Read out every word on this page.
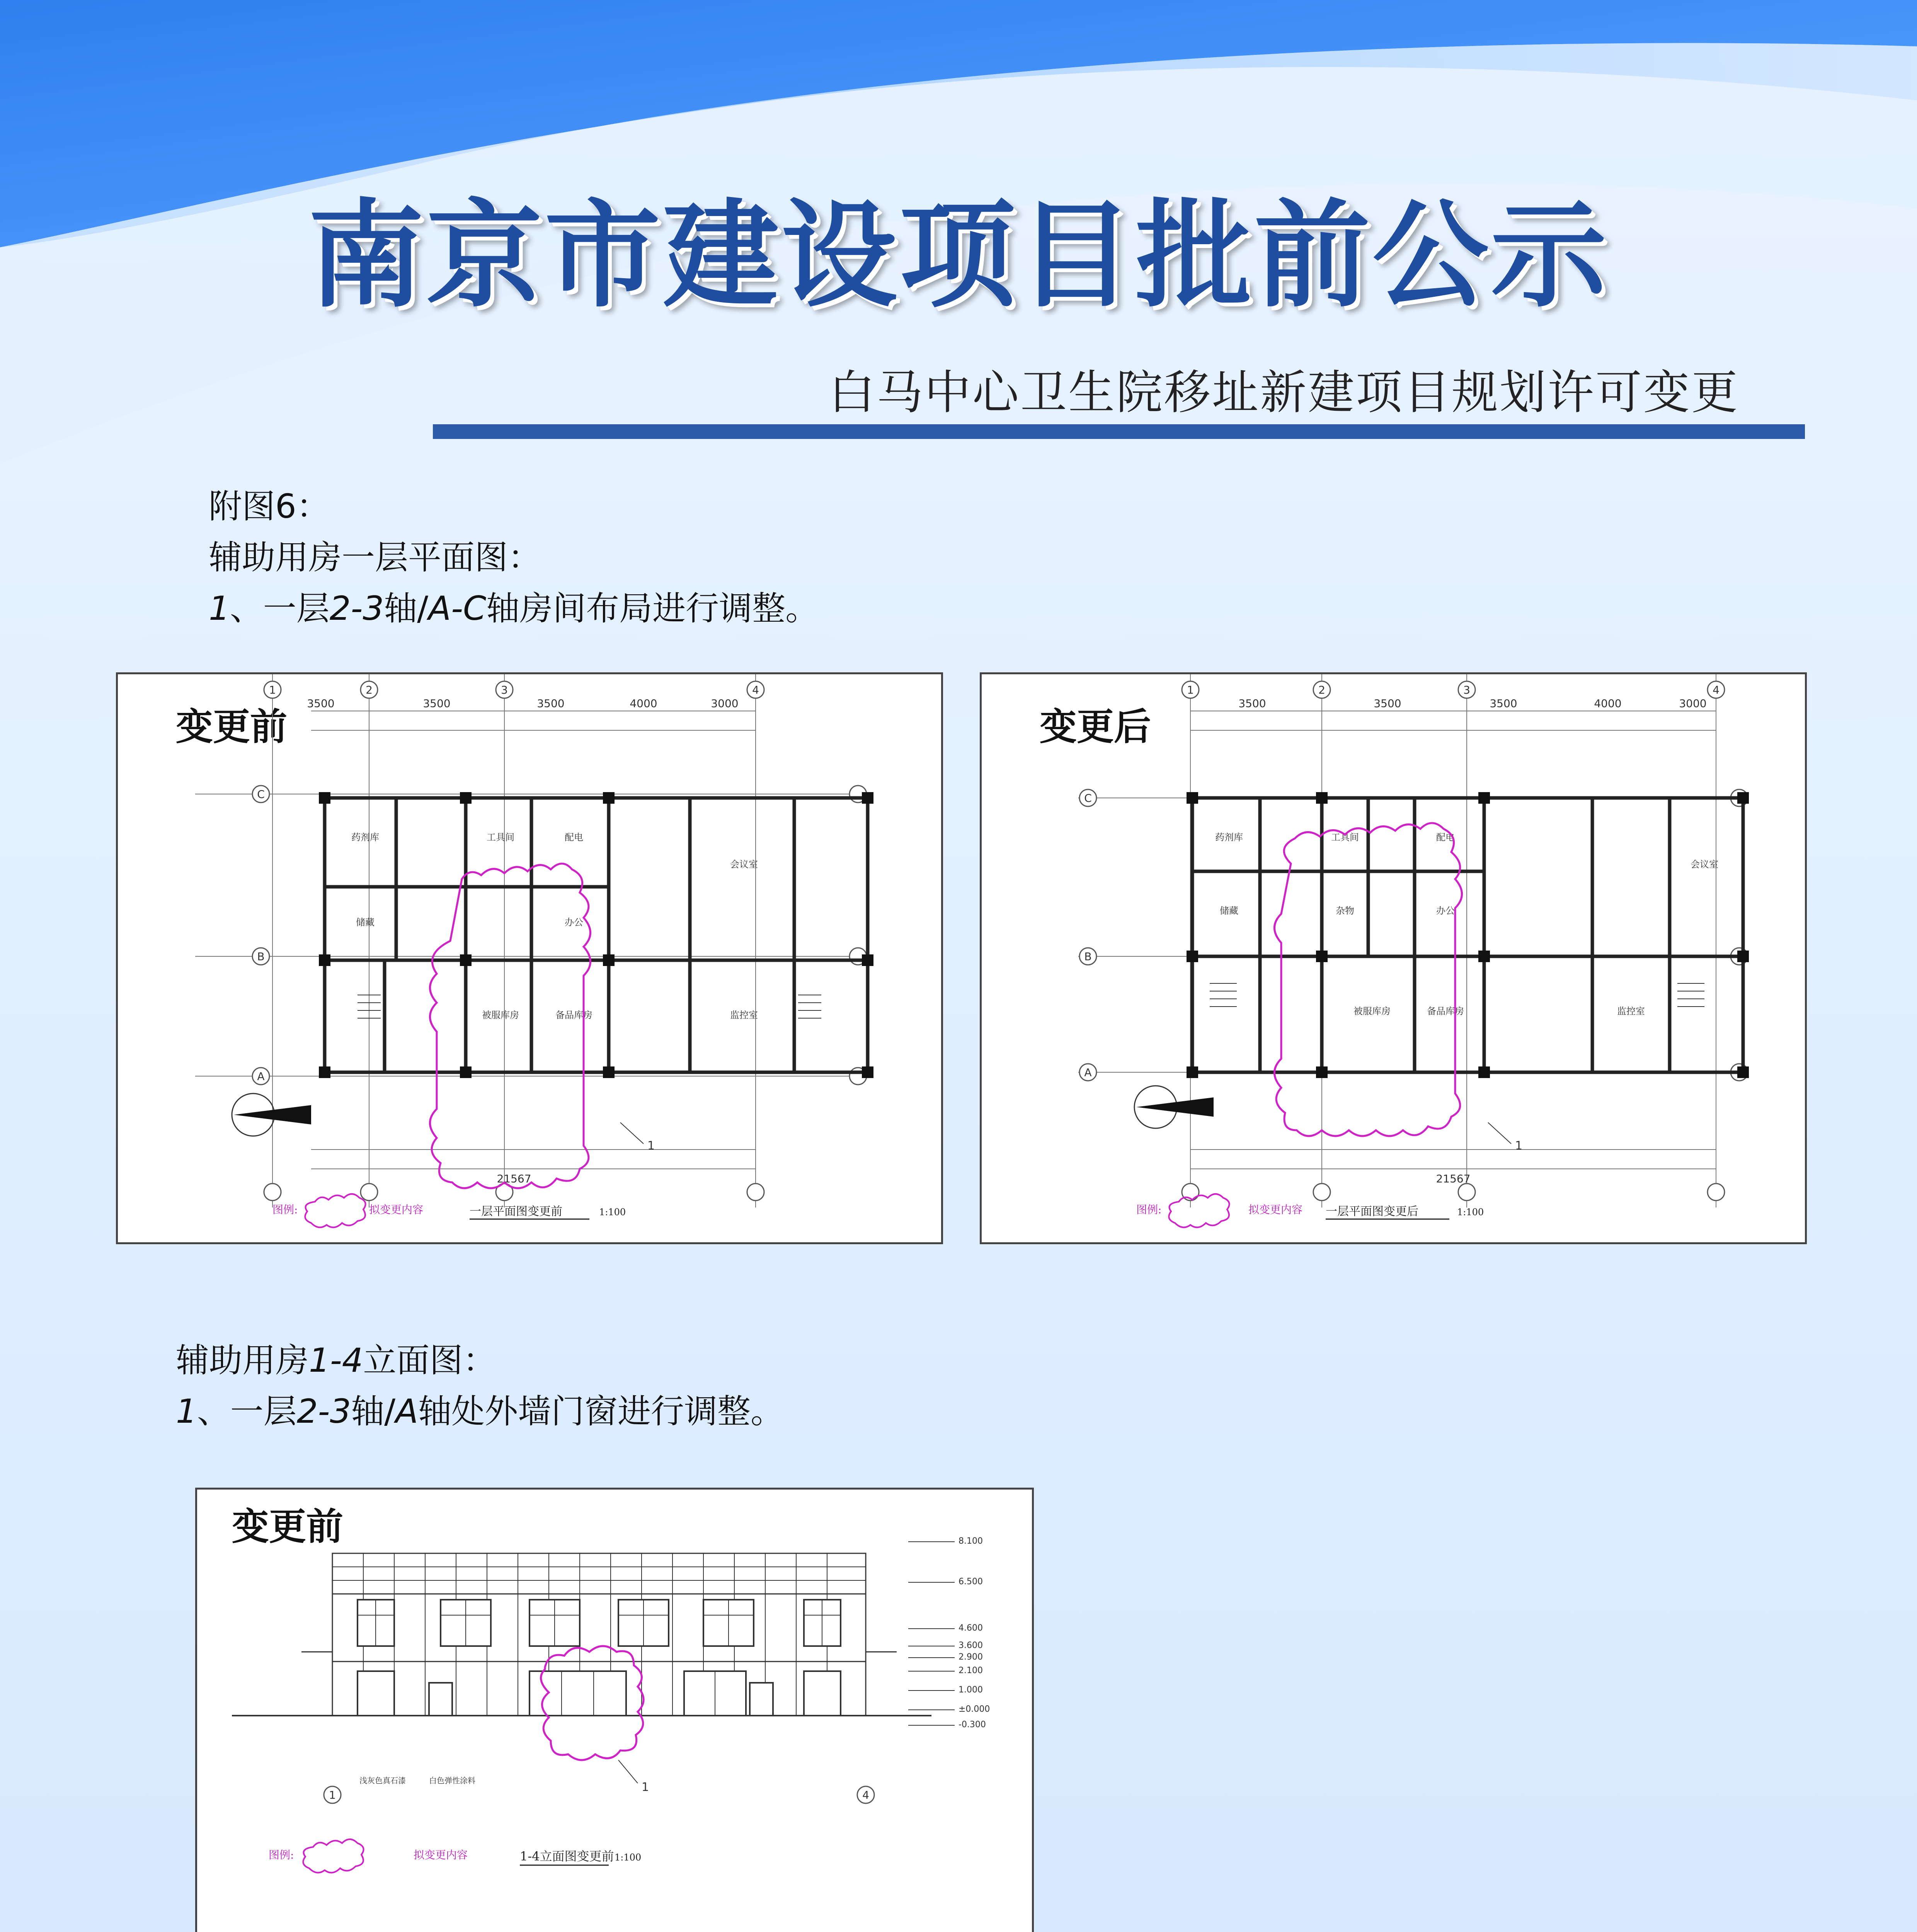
南京市建设项目批前公示
白马中心卫生院移址新建项目规划许可变更
附图6：
辅助用房一层平面图：
1、一层2-3轴/A-C轴房间布局进行调整。
变更前
3500	3500	3500	4000	3000
21567
1	2	3	4
C
B
A
药剂库	工具间	配电
会议室
储藏	办公
被服库房	备品库房	监控室
1
图例:	拟变更内容	一层平面图变更前	1:100
变更后
3500	3500	3500	4000	3000
21567
1	2	3	4
C
B
A
药剂库	工具间	配电
会议室
储藏	杂物	办公
被服库房	备品库房	监控室
1
图例:	拟变更内容 一层平面图变更后	1:100
辅助用房1-4立面图：
1、一层2-3轴/A轴处外墙门窗进行调整。
变更前
1
1	4
浅灰色真石漆	白色弹性涂料
8.100
6.500
4.600
3.600
2.900
2.100
1.000
±0.000
-0.300
图例:	拟变更内容	1-4立面图变更前 1:100
